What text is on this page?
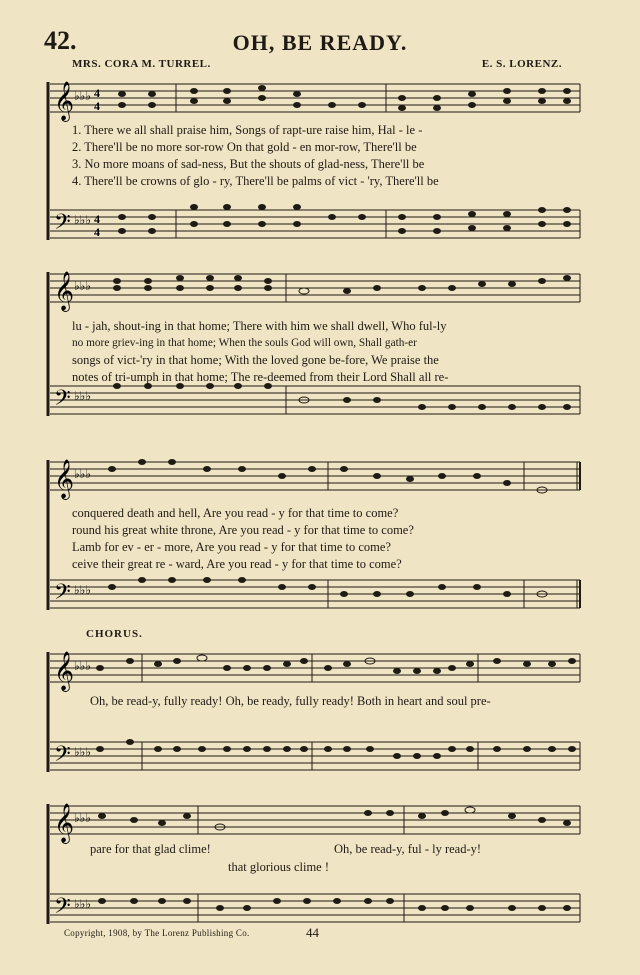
42.	OH, BE READY.
MRS. CORA M. TURREL.	E. S. LORENZ.
𝄞
𝄢
♭♭♭
♭♭♭
4
4
4
4
1. There we all shall praise him, Songs of rapt-ure raise him, Hal - le -
2. There'll be no more sor-row On that gold - en mor-row, There'll be
3. No more moans of sad-ness, But the shouts of glad-ness, There'll be
4. There'll be crowns of glo - ry, There'll be palms of vict - 'ry, There'll be
𝄞
𝄢
♭♭♭
♭♭♭
lu - jah, shout-ing in that home; There with him we shall dwell, Who ful-ly
no more griev-ing in that home; When the souls God will own, Shall gath-er
songs of vict-'ry in that home; With the loved gone be-fore, We praise the
notes of tri-umph in that home; The re-deemed from their Lord Shall all re-
𝄞
𝄢
♭♭♭
♭♭♭
conquered death and hell, Are you read - y for that time to come?
round his great white throne, Are you read - y for that time to come?
Lamb for ev - er - more, Are you read - y for that time to come?
ceive their great re - ward, Are you read - y for that time to come?
CHORUS.
𝄞
𝄢
♭♭♭
♭♭♭
Oh, be read-y, fully ready! Oh, be ready, fully ready! Both in heart and soul pre-
𝄞
𝄢
♭♭♭
♭♭♭
pare for that glad clime!	Oh, be read-y, ful - ly read-y!
that glorious clime !
Copyright, 1908, by The Lorenz Publishing Co.	44
